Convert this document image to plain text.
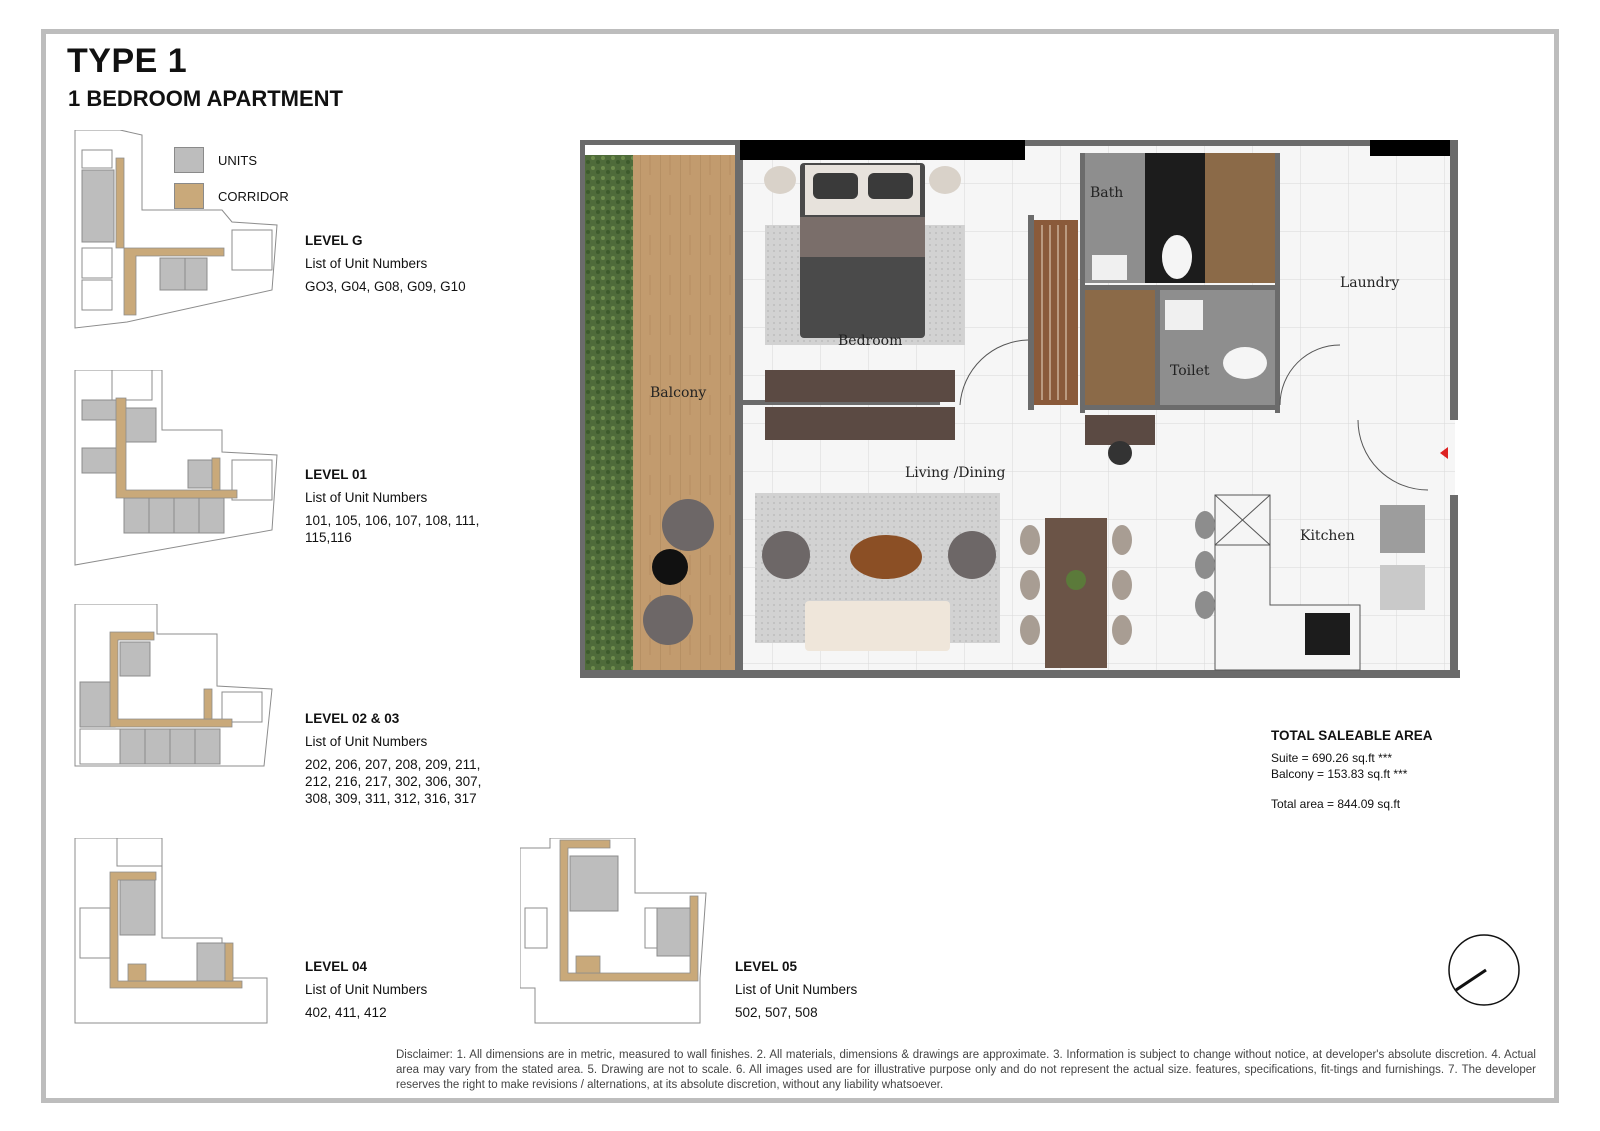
TYPE 1
1 BEDROOM APARTMENT
UNITS
CORRIDOR
LEVEL G
List of Unit Numbers
GO3, G04, G08, G09, G10
LEVEL 01
List of Unit Numbers
101, 105, 106, 107, 108, 111, 115,116
LEVEL 02 & 03
List of Unit Numbers
202, 206, 207, 208, 209, 211, 212, 216, 217, 302, 306, 307, 308, 309, 311, 312, 316, 317
LEVEL 04
List of Unit Numbers
402, 411, 412
LEVEL 05
List of Unit Numbers
502, 507, 508
Balcony
Bedroom
Bath
Toilet
Laundry
Living /Dining
Kitchen
TOTAL SALEABLE AREA
Suite = 690.26 sq.ft ***
Balcony = 153.83 sq.ft ***
Total area = 844.09 sq.ft
Disclaimer: 1. All dimensions are in metric, measured to wall finishes. 2. All materials, dimensions & drawings are approximate. 3. Information is subject to change without notice, at developer's absolute discretion. 4. Actual area may vary from the stated area. 5. Drawing are not to scale. 6. All images used are for illustrative purpose only and do not represent the actual size. features, specifications, fit-tings and furnishings. 7. The developer reserves the right to make revisions / alternations, at its absolute discretion, without any liability whatsoever.
